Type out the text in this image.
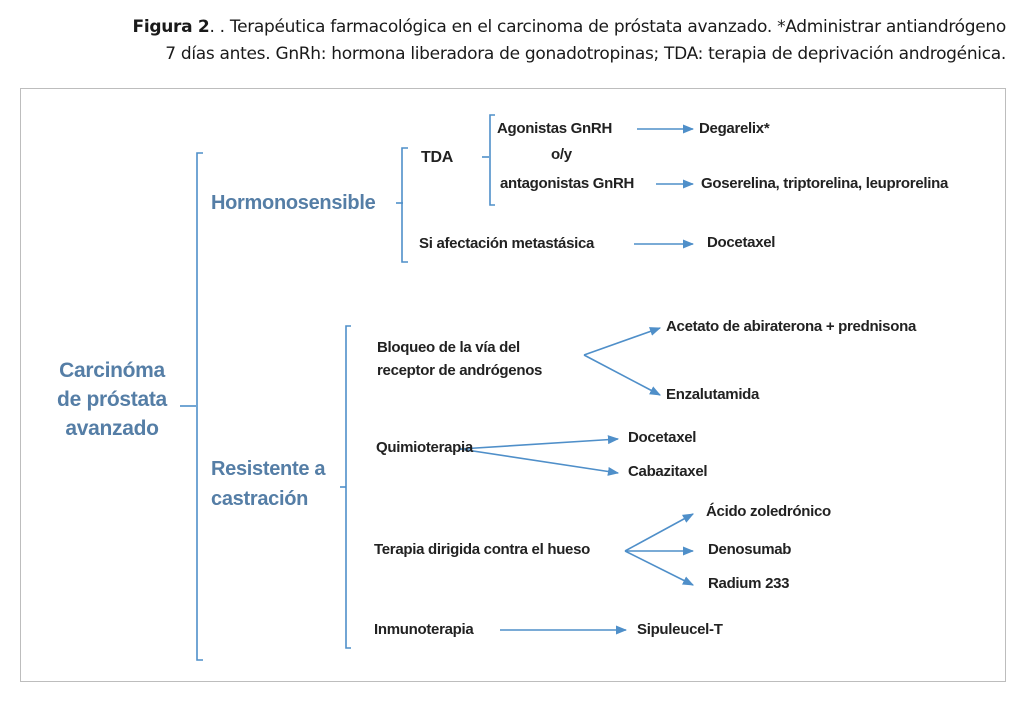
Figura 2. . Terapéutica farmacológica en el carcinoma de próstata avanzado. *Administrar antiandrógeno
7 días antes. GnRh: hormona liberadora de gonadotropinas; TDA: terapia de deprivación androgénica.
Carcinóma
de próstata
avanzado
Hormonosensible
TDA
Agonistas GnRH
o/y
antagonistas GnRH
Degarelix*
Goserelina, triptorelina, leuprorelina
Si afectación metastásica	Docetaxel
Resistente a
castración
Bloqueo de la vía del
receptor de andrógenos
Acetato de abiraterona + prednisona
Enzalutamida
Quimioterapia
Docetaxel
Cabazitaxel
Terapia dirigida contra el hueso
Ácido zoledrónico
Denosumab
Radium 233
Inmunoterapia	Sipuleucel-T
